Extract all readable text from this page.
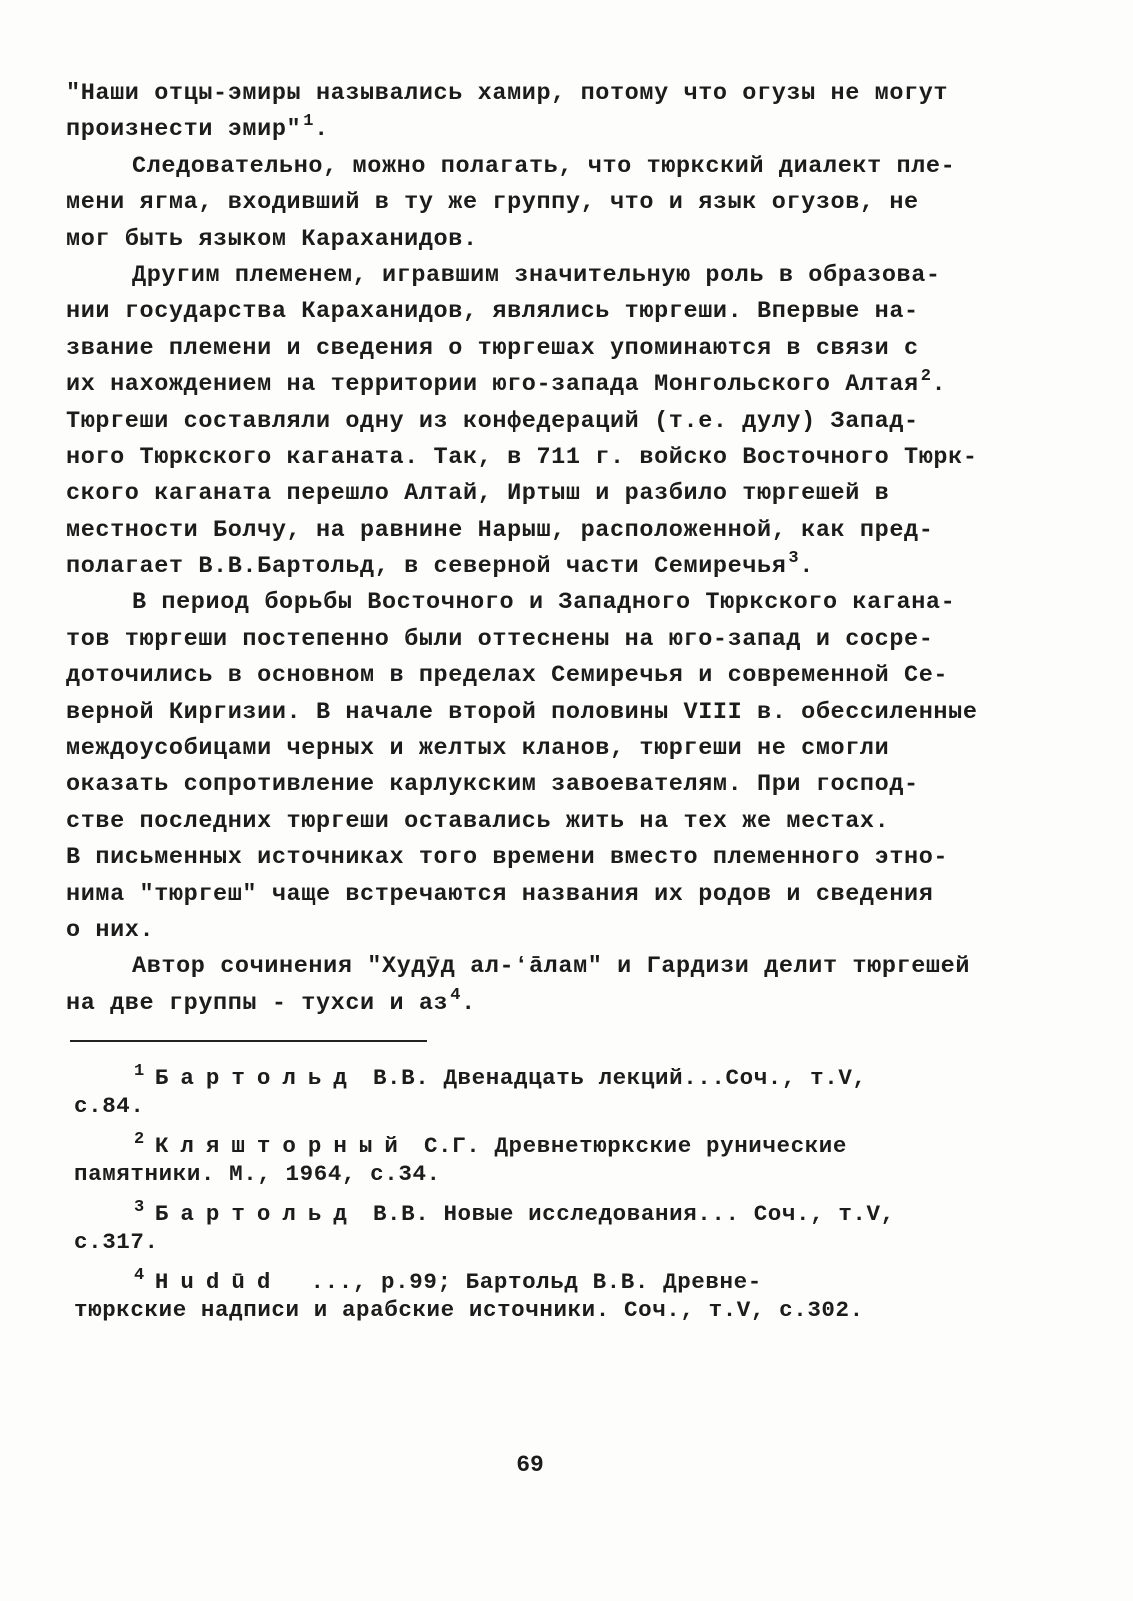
"Наши отцы-эмиры назывались хамир, потому что огузы не могут
произнести эмир" $^1$.
Следовательно, можно полагать, что тюркский диалект пле-
мени ягма, входивший в ту же группу, что и язык огузов, не
мог быть языком Караханидов.
Другим племенем, игравшим значительную роль в образова-
нии государства Караханидов, являлись тюргеши. Впервые на-
звание племени и сведения о тюргешах упоминаются в связи с
их нахождением на территории юго-запада Монгольского Алтая $^2$.
Тюргеши составляли одну из конфедераций (т.е. дулу) Запад-
ного Тюркского каганата. Так, в 711 г. войско Восточного Тюрк-
ского каганата перешло Алтай, Иртыш и разбило тюргешей в
местности Болчу, на равнине Нарыш, расположенной, как пред-
полагает В.В.Бартольд, в северной части Семиречья $^3$.
В период борьбы Восточного и Западного Тюркского кагана-
тов тюргеши постепенно были оттеснены на юго-запад и сосре-
доточились в основном в пределах Семиречья и современной Се-
верной Киргизии. В начале второй половины VIII в. обессиленные
междоусобицами черных и желтых кланов, тюргеши не смогли
оказать сопротивление карлукским завоевателям. При господ-
стве последних тюргеши оставались жить на тех же местах.
В письменных источниках того времени вместо племенного этно-
нима "тюргеш" чаще встречаются названия их родов и сведения
о них.
Автор сочинения "Худӯд ал-ʻāлам" и Гардизи делит тюргешей
на две группы - тухси и аз $^4$.
$^1$ Бартольд В.В. Двенадцать лекций...Соч., т.V,
с.84.
$^2$ Кляшторный С.Г. Древнетюркские рунические
памятники. М., 1964, с.34.
$^3$ Бартольд В.В. Новые исследования... Соч., т.V,
с.317.
$^4$ Hudūd  ..., p.99; Бартольд В.В. Древне-
тюркские надписи и арабские источники. Соч., т.V, с.302.
69
